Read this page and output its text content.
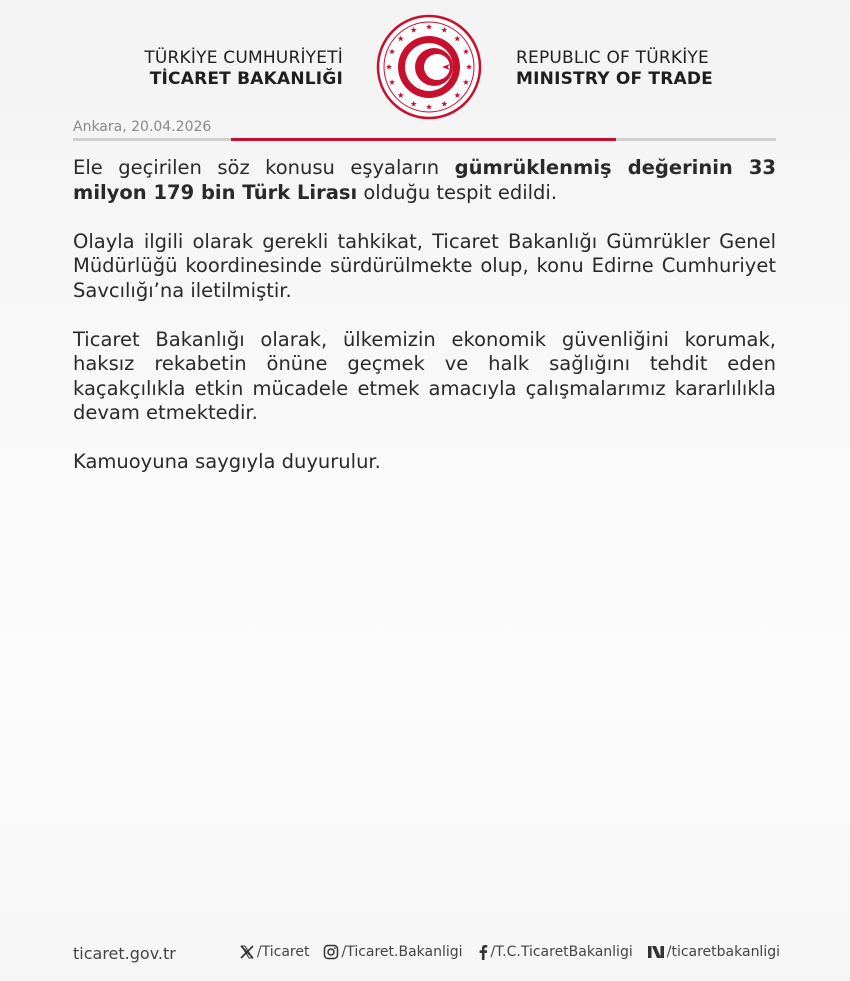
TÜRKİYE CUMHURİYETİ
TİCARET BAKANLIĞI
REPUBLIC OF TÜRKİYE
MINISTRY OF TRADE
Ankara, 20.04.2026

Ele geçirilen söz konusu eşyaların gümrüklenmiş değerinin 33 milyon 179 bin Türk Lirası olduğu tespit edildi.

Olayla ilgili olarak gerekli tahkikat, Ticaret Bakanlığı Gümrükler Genel Müdürlüğü koordinesinde sürdürülmekte olup, konu Edirne Cumhuriyet Savcılığı’na iletilmiştir.

Ticaret Bakanlığı olarak, ülkemizin ekonomik güvenliğini korumak, haksız rekabetin önüne geçmek ve halk sağlığını tehdit eden kaçakçılıkla etkin mücadele etmek amacıyla çalışmalarımız kararlılıkla devam etmektedir.

Kamuoyuna saygıyla duyurulur.

ticaret.gov.tr	/Ticaret /Ticaret.Bakanligi /T.C.TicaretBakanligi /ticaretbakanligi
